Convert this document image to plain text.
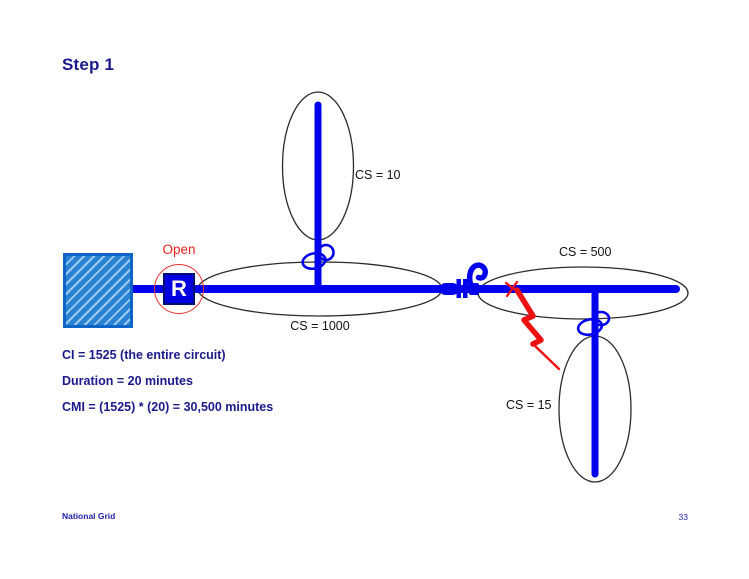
Step 1
Open
R
CS = 10
CS = 1000
CS = 500
CS = 15

CI = 1525 (the entire circuit)

Duration = 20 minutes

CMI = (1525) * (20) = 30,500 minutes

National Grid	33
